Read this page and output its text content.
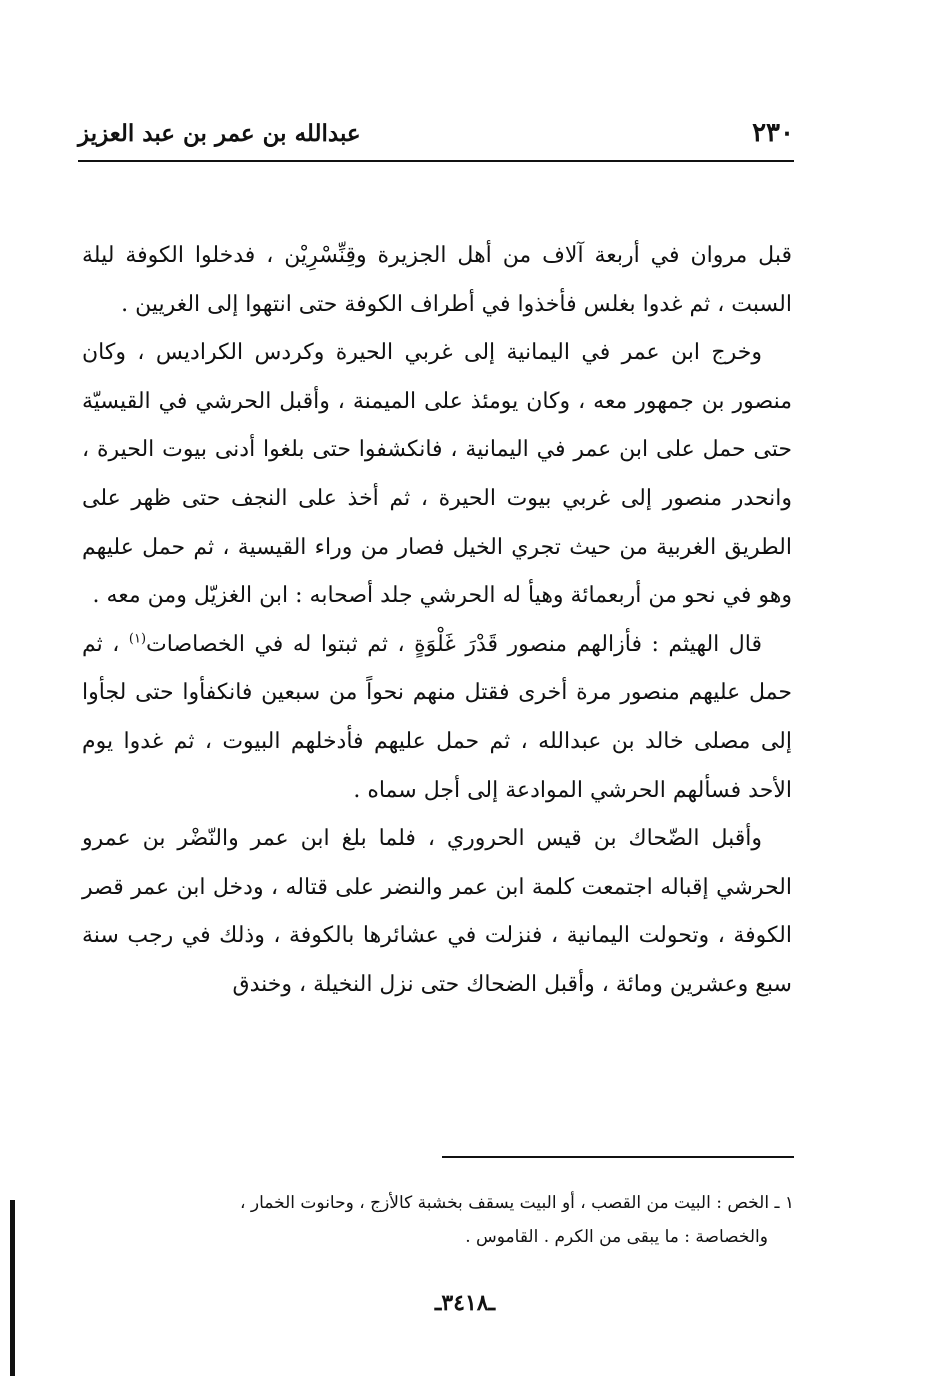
٢٣٠
عبدالله بن عمر بن عبد العزيز

قبل مروان في أربعة آلاف من أهل الجزيرة وقِنِّسْرِيْن ، فدخلوا الكوفة ليلة السبت ، ثم غدوا بغلس فأخذوا في أطراف الكوفة حتى انتهوا إلى الغريين .

وخرج ابن عمر في اليمانية إلى غربي الحيرة وكردس الكراديس ، وكان منصور بن جمهور معه ، وكان يومئذ على الميمنة ، وأقبل الحرشي في القيسيّة حتى حمل على ابن عمر في اليمانية ، فانكشفوا حتى بلغوا أدنى بيوت الحيرة ، وانحدر منصور إلى غربي بيوت الحيرة ، ثم أخذ على النجف حتى ظهر على الطريق الغربية من حيث تجري الخيل فصار من وراء القيسية ، ثم حمل عليهم وهو في نحو من أربعمائة وهيأ له الحرشي جلد أصحابه : ابن الغزيّل ومن معه .

قال الهيثم : فأزالهم منصور قَدْرَ غَلْوَةٍ ، ثم ثبتوا له في الخصاصات$^{(١)}$ ، ثم حمل عليهم منصور مرة أخرى فقتل منهم نحواً من سبعين فانكفأوا حتى لجأوا إلى مصلى خالد بن عبدالله ، ثم حمل عليهم فأدخلهم البيوت ، ثم غدوا يوم الأحد فسألهم الحرشي الموادعة إلى أجل سماه .

وأقبل الضّحاك بن قيس الحروري ، فلما بلغ ابن عمر والنّضْر بن عمرو الحرشي إقباله اجتمعت كلمة ابن عمر والنضر على قتاله ، ودخل ابن عمر قصر الكوفة ، وتحولت اليمانية ، فنزلت في عشائرها بالكوفة ، وذلك في رجب سنة سبع وعشرين ومائة ، وأقبل الضحاك حتى نزل النخيلة ، وخندق

١ ـ الخص : البيت من القصب ، أو البيت يسقف بخشبة كالأزج ، وحانوت الخمار ،

والخصاصة : ما يبقى من الكرم . القاموس .

ـ٣٤١٨ـ
